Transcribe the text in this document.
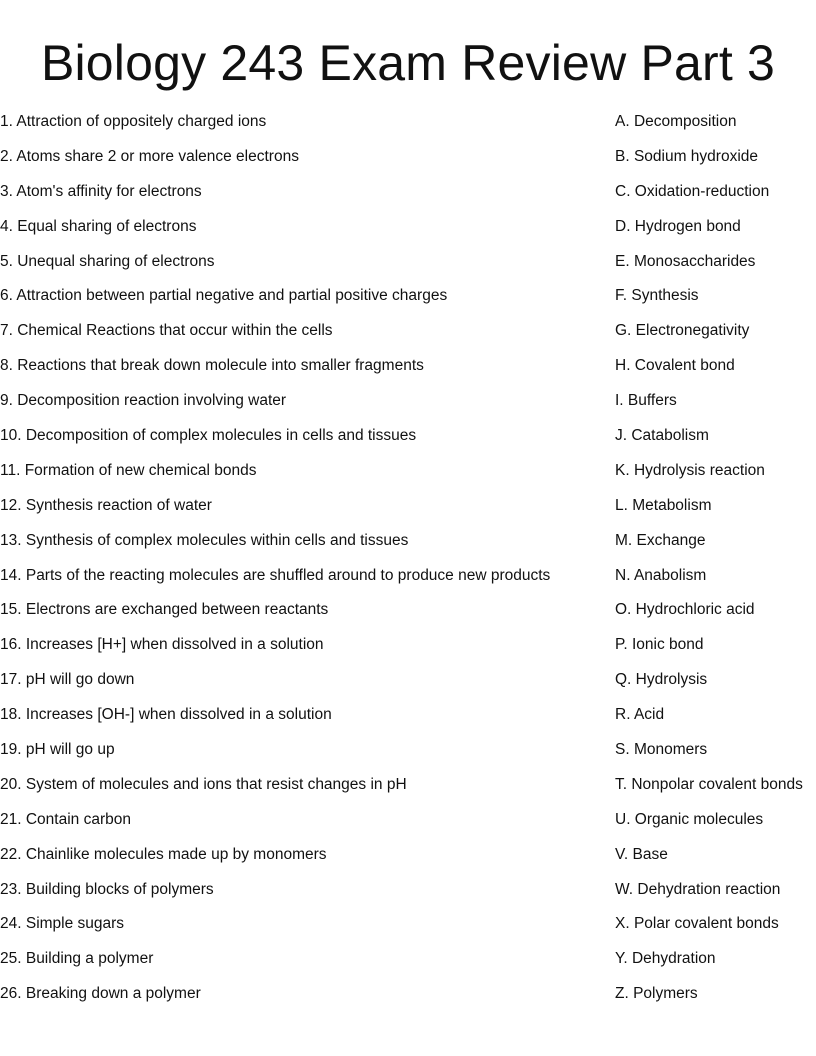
Biology 243 Exam Review Part 3
1. Attraction of oppositely charged ions
2. Atoms share 2 or more valence electrons
3. Atom's affinity for electrons
4. Equal sharing of electrons
5. Unequal sharing of electrons
6. Attraction between partial negative and partial positive charges
7. Chemical Reactions that occur within the cells
8. Reactions that break down molecule into smaller fragments
9. Decomposition reaction involving water
10. Decomposition of complex molecules in cells and tissues
11. Formation of new chemical bonds
12. Synthesis reaction of water
13. Synthesis of complex molecules within cells and tissues
14. Parts of the reacting molecules are shuffled around to produce new products
15. Electrons are exchanged between reactants
16. Increases [H+] when dissolved in a solution
17. pH will go down
18. Increases [OH-] when dissolved in a solution
19. pH will go up
20. System of molecules and ions that resist changes in pH
21. Contain carbon
22. Chainlike molecules made up by monomers
23. Building blocks of polymers
24. Simple sugars
25. Building a polymer
26. Breaking down a polymer
A. Decomposition
B. Sodium hydroxide
C. Oxidation-reduction
D. Hydrogen bond
E. Monosaccharides
F. Synthesis
G. Electronegativity
H. Covalent bond
I. Buffers
J. Catabolism
K. Hydrolysis reaction
L. Metabolism
M. Exchange
N. Anabolism
O. Hydrochloric acid
P. Ionic bond
Q. Hydrolysis
R. Acid
S. Monomers
T. Nonpolar covalent bonds
U. Organic molecules
V. Base
W. Dehydration reaction
X. Polar covalent bonds
Y. Dehydration
Z. Polymers
